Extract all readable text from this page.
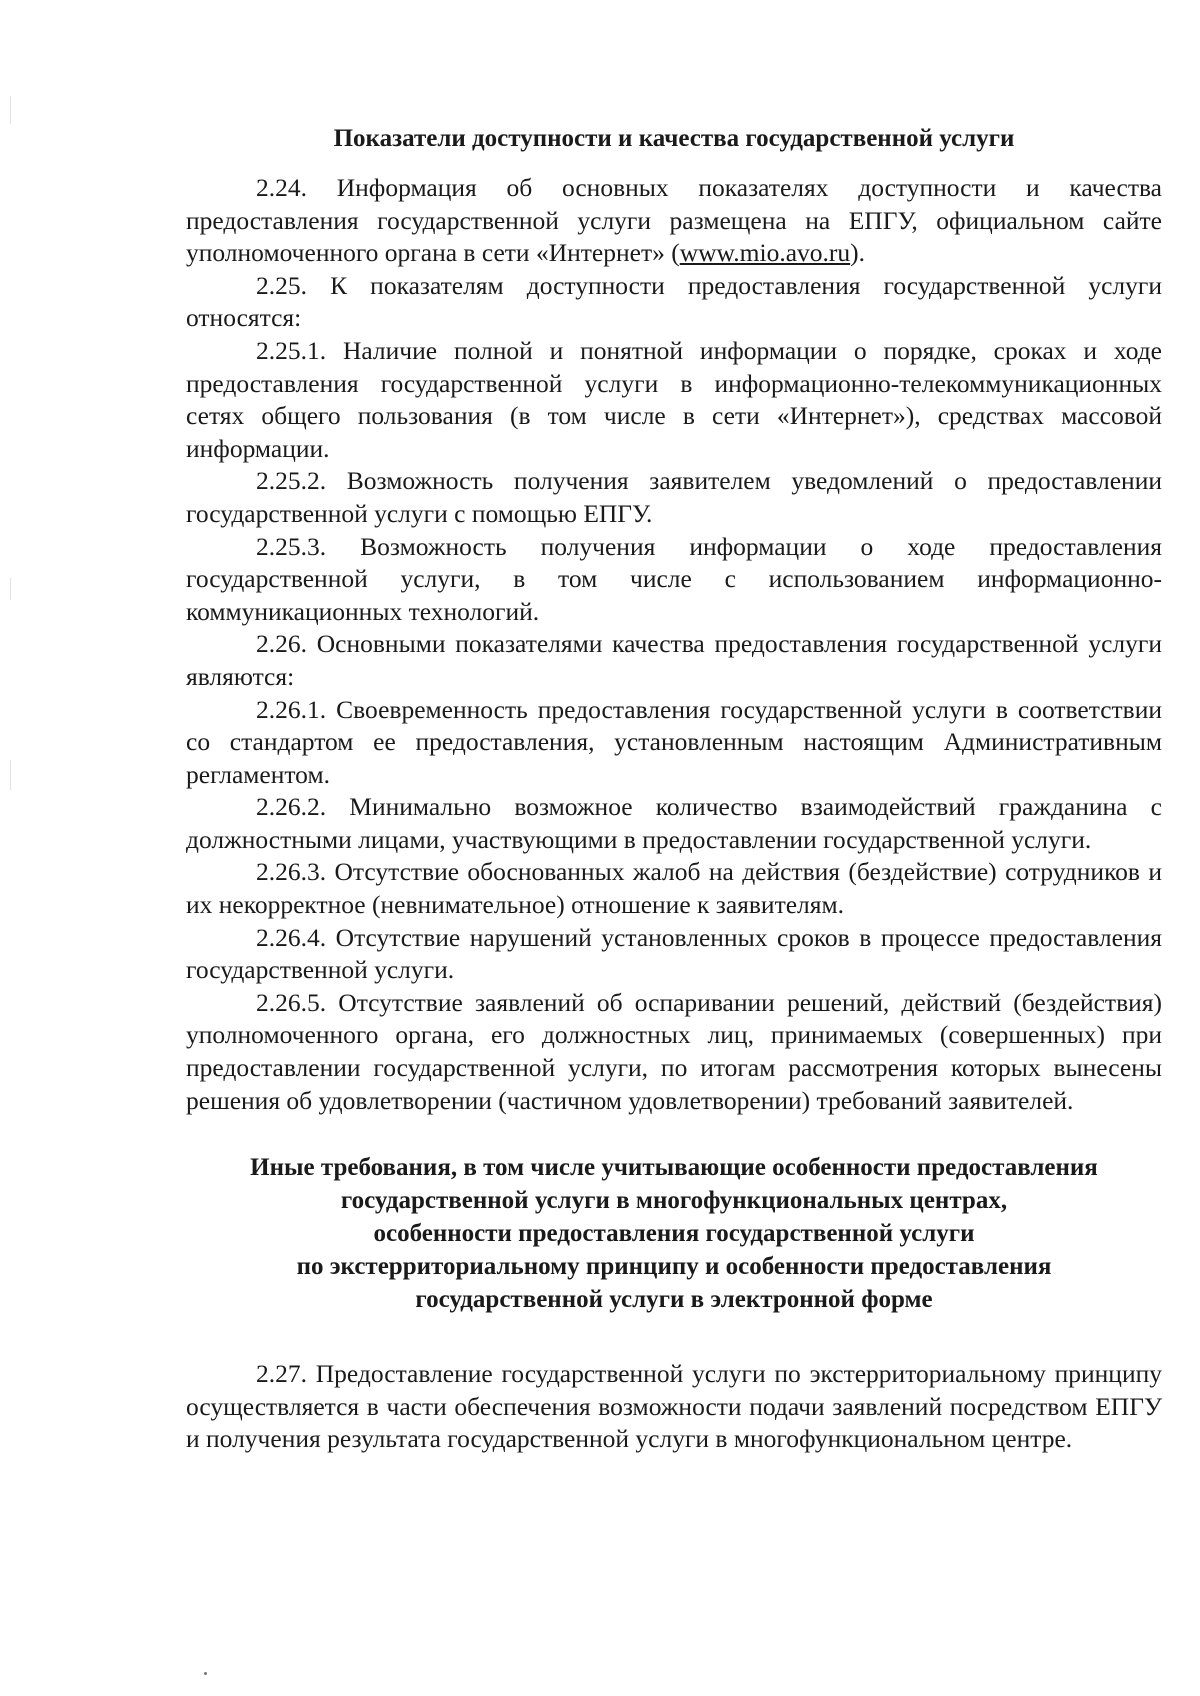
Показатели доступности и качества государственной услуги

2.24. Информация об основных показателях доступности и качества предоставления государственной услуги размещена на ЕПГУ, официальном сайте уполномоченного органа в сети «Интернет» (www.mio.avo.ru).

2.25. К показателям доступности предоставления государственной услуги относятся:

2.25.1. Наличие полной и понятной информации о порядке, сроках и ходе предоставления государственной услуги в информационно-телекоммуникационных сетях общего пользования (в том числе в сети «Интернет»), средствах массовой информации.

2.25.2. Возможность получения заявителем уведомлений о предоставлении государственной услуги с помощью ЕПГУ.

2.25.3. Возможность получения информации о ходе предоставления государственной услуги, в том числе с использованием информационно-коммуникационных технологий.

2.26. Основными показателями качества предоставления государственной услуги являются:

2.26.1. Своевременность предоставления государственной услуги в соответствии со стандартом ее предоставления, установленным настоящим Административным регламентом.

2.26.2. Минимально возможное количество взаимодействий гражданина с должностными лицами, участвующими в предоставлении государственной услуги.

2.26.3. Отсутствие обоснованных жалоб на действия (бездействие) сотрудников и их некорректное (невнимательное) отношение к заявителям.

2.26.4. Отсутствие нарушений установленных сроков в процессе предоставления государственной услуги.

2.26.5. Отсутствие заявлений об оспаривании решений, действий (бездействия) уполномоченного органа, его должностных лиц, принимаемых (совершенных) при предоставлении государственной услуги, по итогам рассмотрения которых вынесены решения об удовлетворении (частичном удовлетворении) требований заявителей.

Иные требования, в том числе учитывающие особенности предоставления
государственной услуги в многофункциональных центрах,
особенности предоставления государственной услуги
по экстерриториальному принципу и особенности предоставления
государственной услуги в электронной форме

2.27. Предоставление государственной услуги по экстерриториальному принципу осуществляется в части обеспечения возможности подачи заявлений посредством ЕПГУ и получения результата государственной услуги в многофункциональном центре.
